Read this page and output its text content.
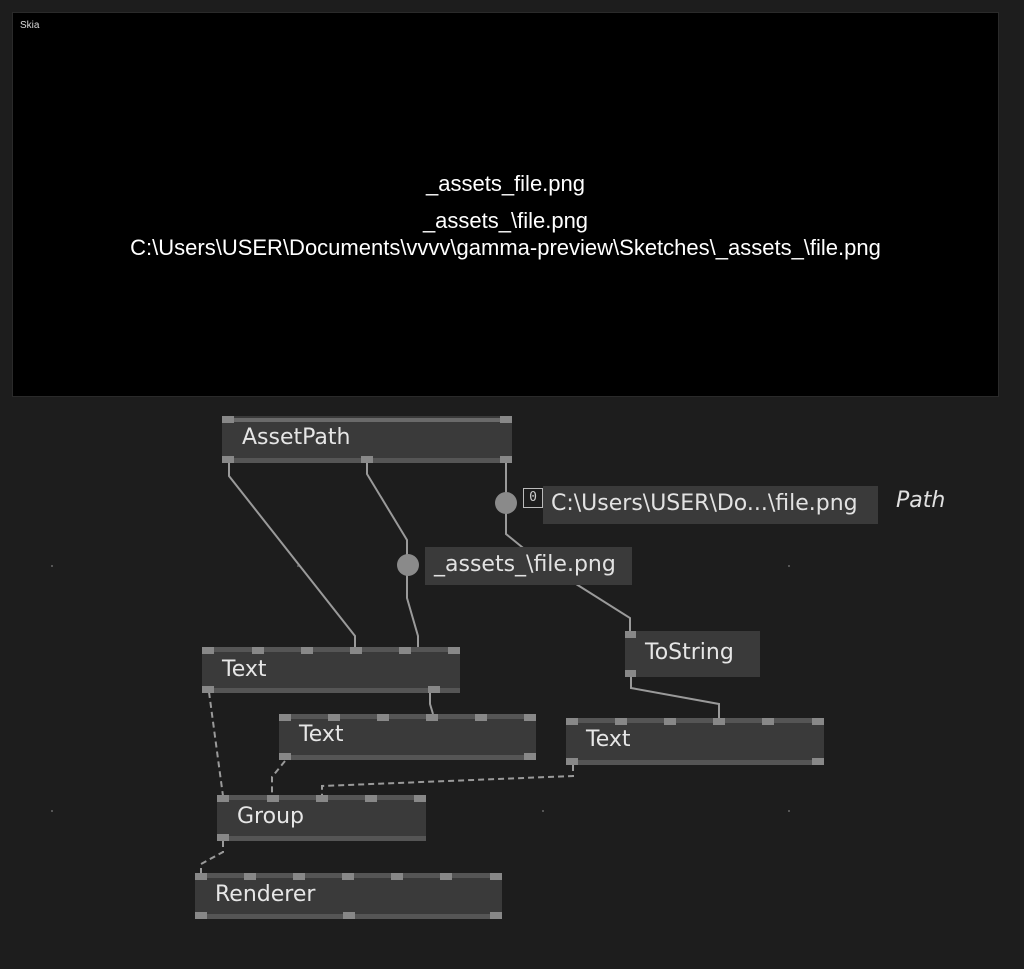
Skia
_assets_file.png
_assets_\file.png
C:\Users\USER\Documents\vvvv\gamma-preview\Sketches\_assets_\file.png
AssetPath
0 C:\Users\USER\Do...\file.png	Path
_assets_\file.png
Text
ToString
Text	Text
Group
Renderer
